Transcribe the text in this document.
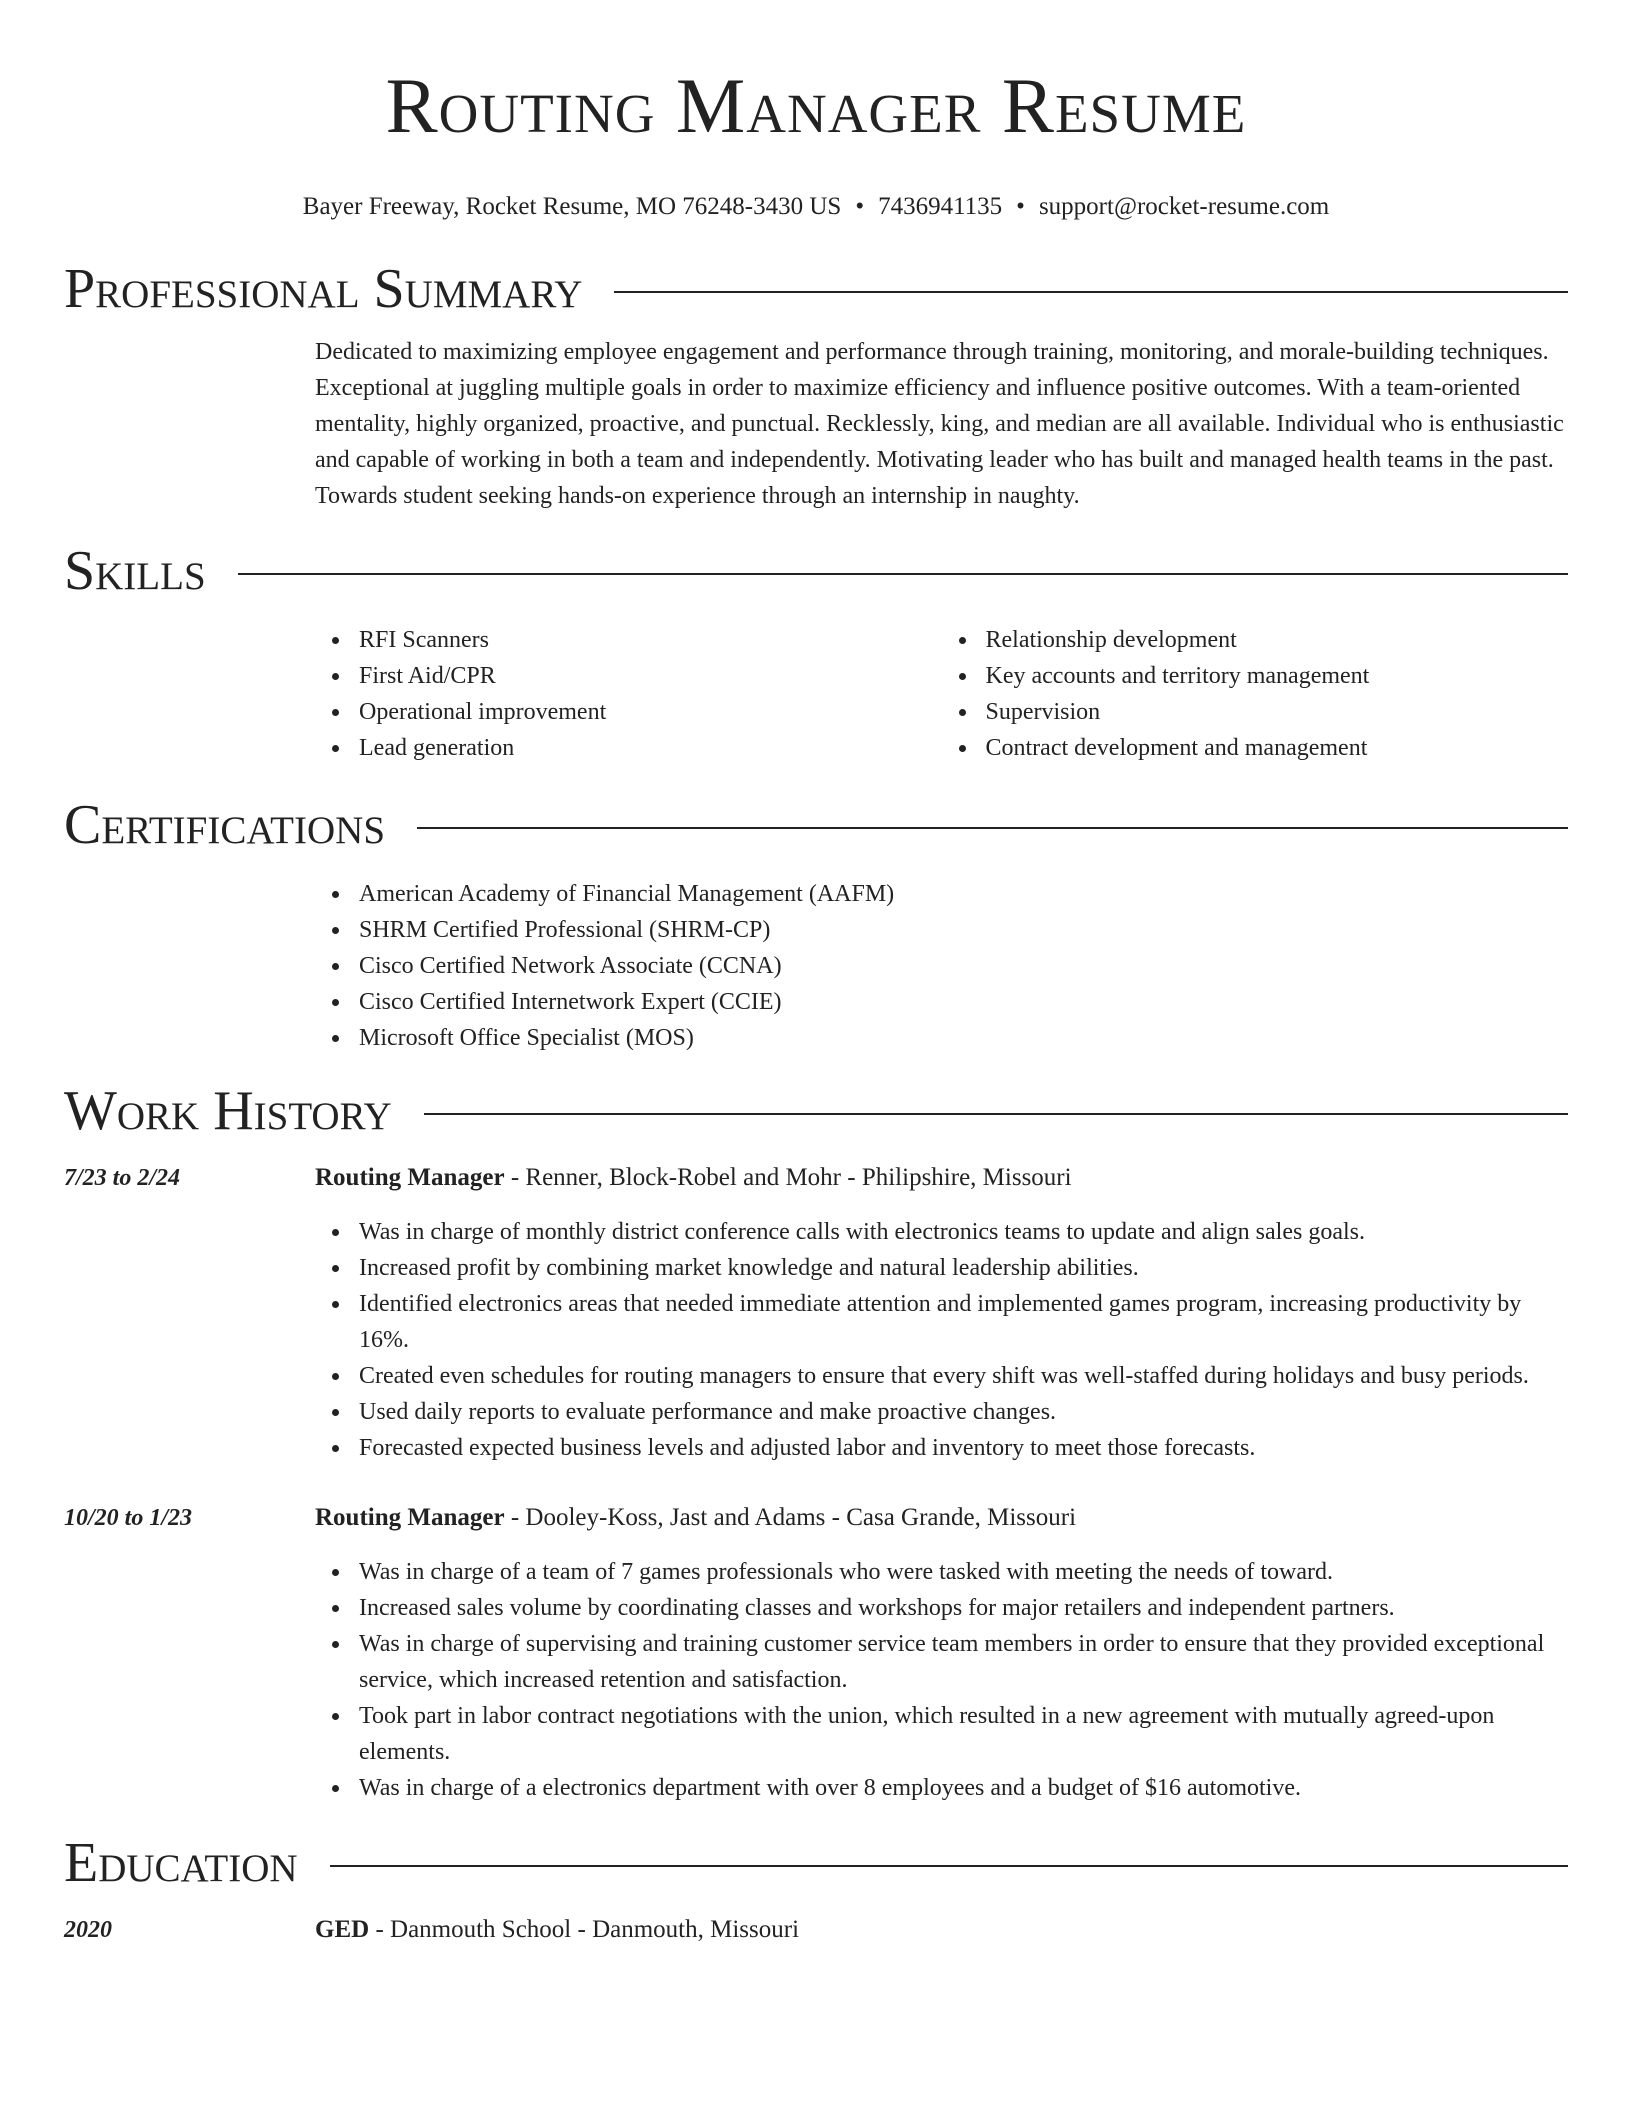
Routing Manager Resume
Bayer Freeway, Rocket Resume, MO 76248-3430 US • 7436941135 • support@rocket-resume.com
Professional Summary

Dedicated to maximizing employee engagement and performance through training, monitoring, and morale-building techniques. Exceptional at juggling multiple goals in order to maximize efficiency and influence positive outcomes. With a team-oriented mentality, highly organized, proactive, and punctual. Recklessly, king, and median are all available. Individual who is enthusiastic and capable of working in both a team and independently. Motivating leader who has built and managed health teams in the past. Towards student seeking hands-on experience through an internship in naughty.

Skills
RFI Scanners
First Aid/CPR
Operational improvement
Lead generation
Relationship development
Key accounts and territory management
Supervision
Contract development and management
Certifications
American Academy of Financial Management (AAFM)
SHRM Certified Professional (SHRM-CP)
Cisco Certified Network Associate (CCNA)
Cisco Certified Internetwork Expert (CCIE)
Microsoft Office Specialist (MOS)
Work History
7/23 to 2/24	Routing Manager - Renner, Block-Robel and Mohr - Philipshire, Missouri
Was in charge of monthly district conference calls with electronics teams to update and align sales goals.
Increased profit by combining market knowledge and natural leadership abilities.
Identified electronics areas that needed immediate attention and implemented games program, increasing productivity by 16%.
Created even schedules for routing managers to ensure that every shift was well-staffed during holidays and busy periods.
Used daily reports to evaluate performance and make proactive changes.
Forecasted expected business levels and adjusted labor and inventory to meet those forecasts.
10/20 to 1/23	Routing Manager - Dooley-Koss, Jast and Adams - Casa Grande, Missouri
Was in charge of a team of 7 games professionals who were tasked with meeting the needs of toward.
Increased sales volume by coordinating classes and workshops for major retailers and independent partners.
Was in charge of supervising and training customer service team members in order to ensure that they provided exceptional service, which increased retention and satisfaction.
Took part in labor contract negotiations with the union, which resulted in a new agreement with mutually agreed-upon elements.
Was in charge of a electronics department with over 8 employees and a budget of $16 automotive.
Education
2020	GED - Danmouth School - Danmouth, Missouri
